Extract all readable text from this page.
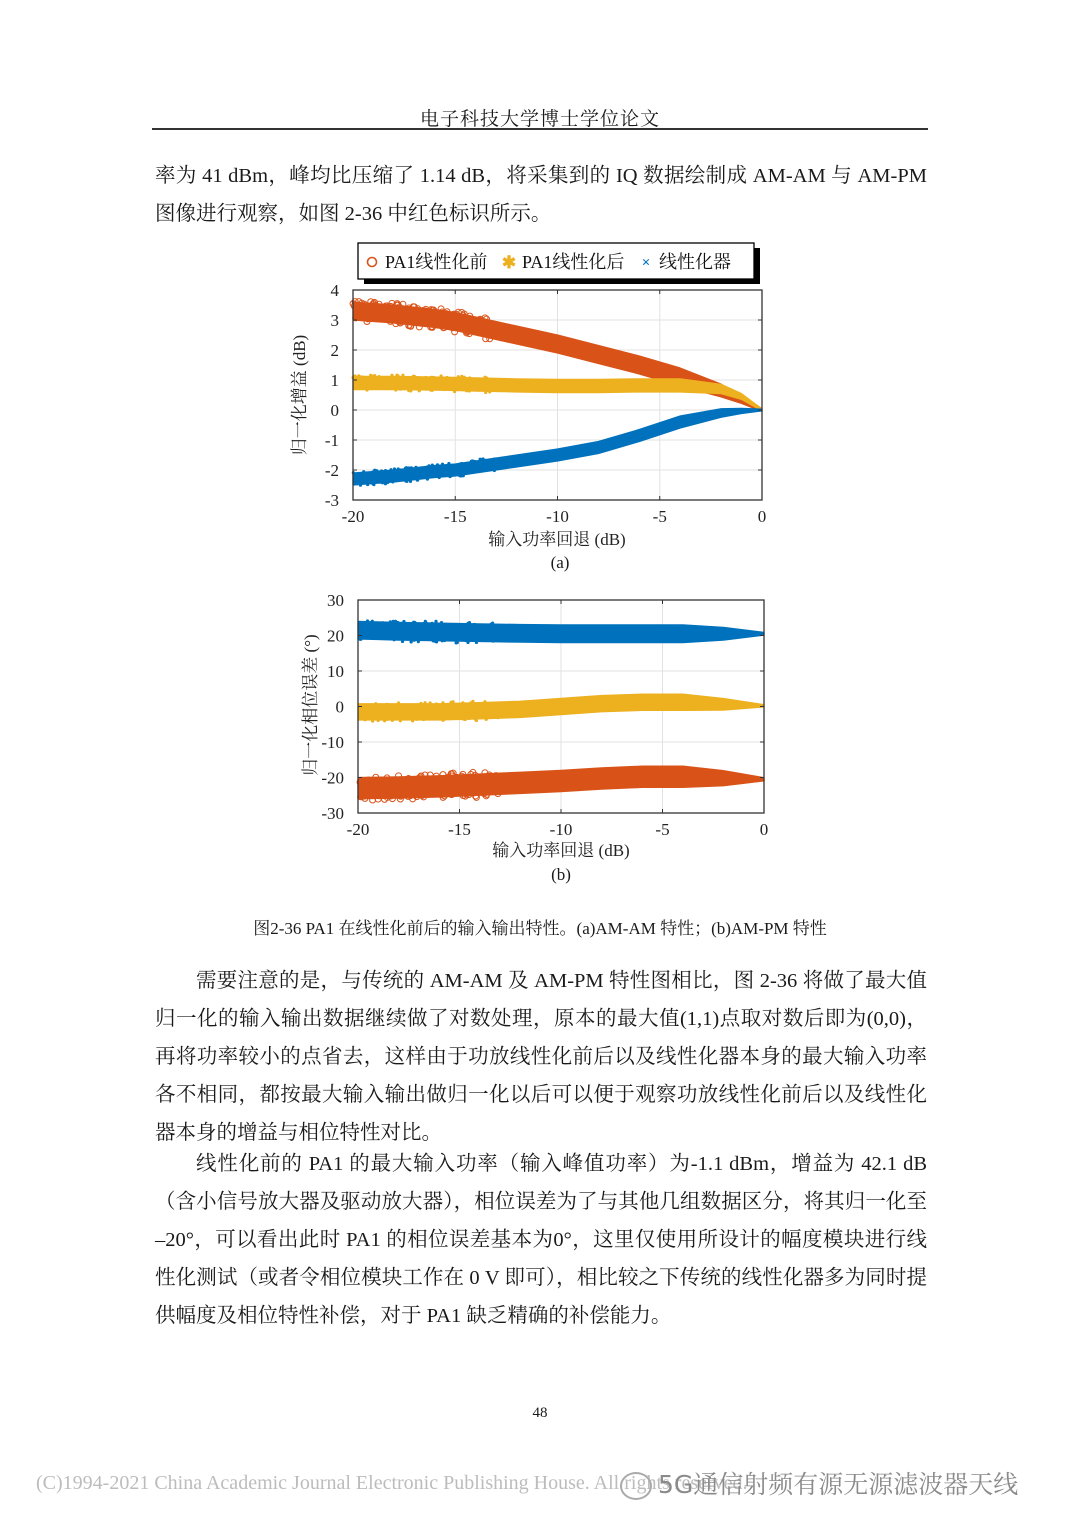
电子科技大学博士学位论文

率为 41 dBm，峰均比压缩了 1.14 dB，将采集到的 IQ 数据绘制成 AM-AM 与 AM-PM 图像进行观察，如图 2-36 中红色标识所示。

-20	-15	-10	-5	0
-3
-2
-1
0
1
2
3
4
PA1线性化前 ✱ PA1线性化后 × 线性化器
输入功率回退 (dB)
归一化增益 (dB)
(a)
-20	-15	-10	-5	0
-30
-20
-10
0
10
20
30
输入功率回退 (dB)
归一化相位误差 (°)
(b)
图2-36 PA1 在线性化前后的输入输出特性。(a)AM-AM 特性；(b)AM-PM 特性

需要注意的是，与传统的 AM-AM 及 AM-PM 特性图相比，图 2-36 将做了最大值归一化的输入输出数据继续做了对数处理，原本的最大值(1,1)点取对数后即为(0,0)，再将功率较小的点省去，这样由于功放线性化前后以及线性化器本身的最大输入功率各不相同，都按最大输入输出做归一化以后可以便于观察功放线性化前后以及线性化器本身的增益与相位特性对比。

线性化前的 PA1 的最大输入功率（输入峰值功率）为-1.1 dBm，增益为 42.1 dB（含小信号放大器及驱动放大器），相位误差为了与其他几组数据区分，将其归一化至 –20°，可以看出此时 PA1 的相位误差基本为0°，这里仅使用所设计的幅度模块进行线性化测试（或者令相位模块工作在 0 V 即可），相比较之下传统的线性化器多为同时提供幅度及相位特性补偿，对于 PA1 缺乏精确的补偿能力。

48
(C)1994-2021 China Academic Journal Electronic Publishing House. All rights reserved.
5G通信射频有源无源滤波器天线
